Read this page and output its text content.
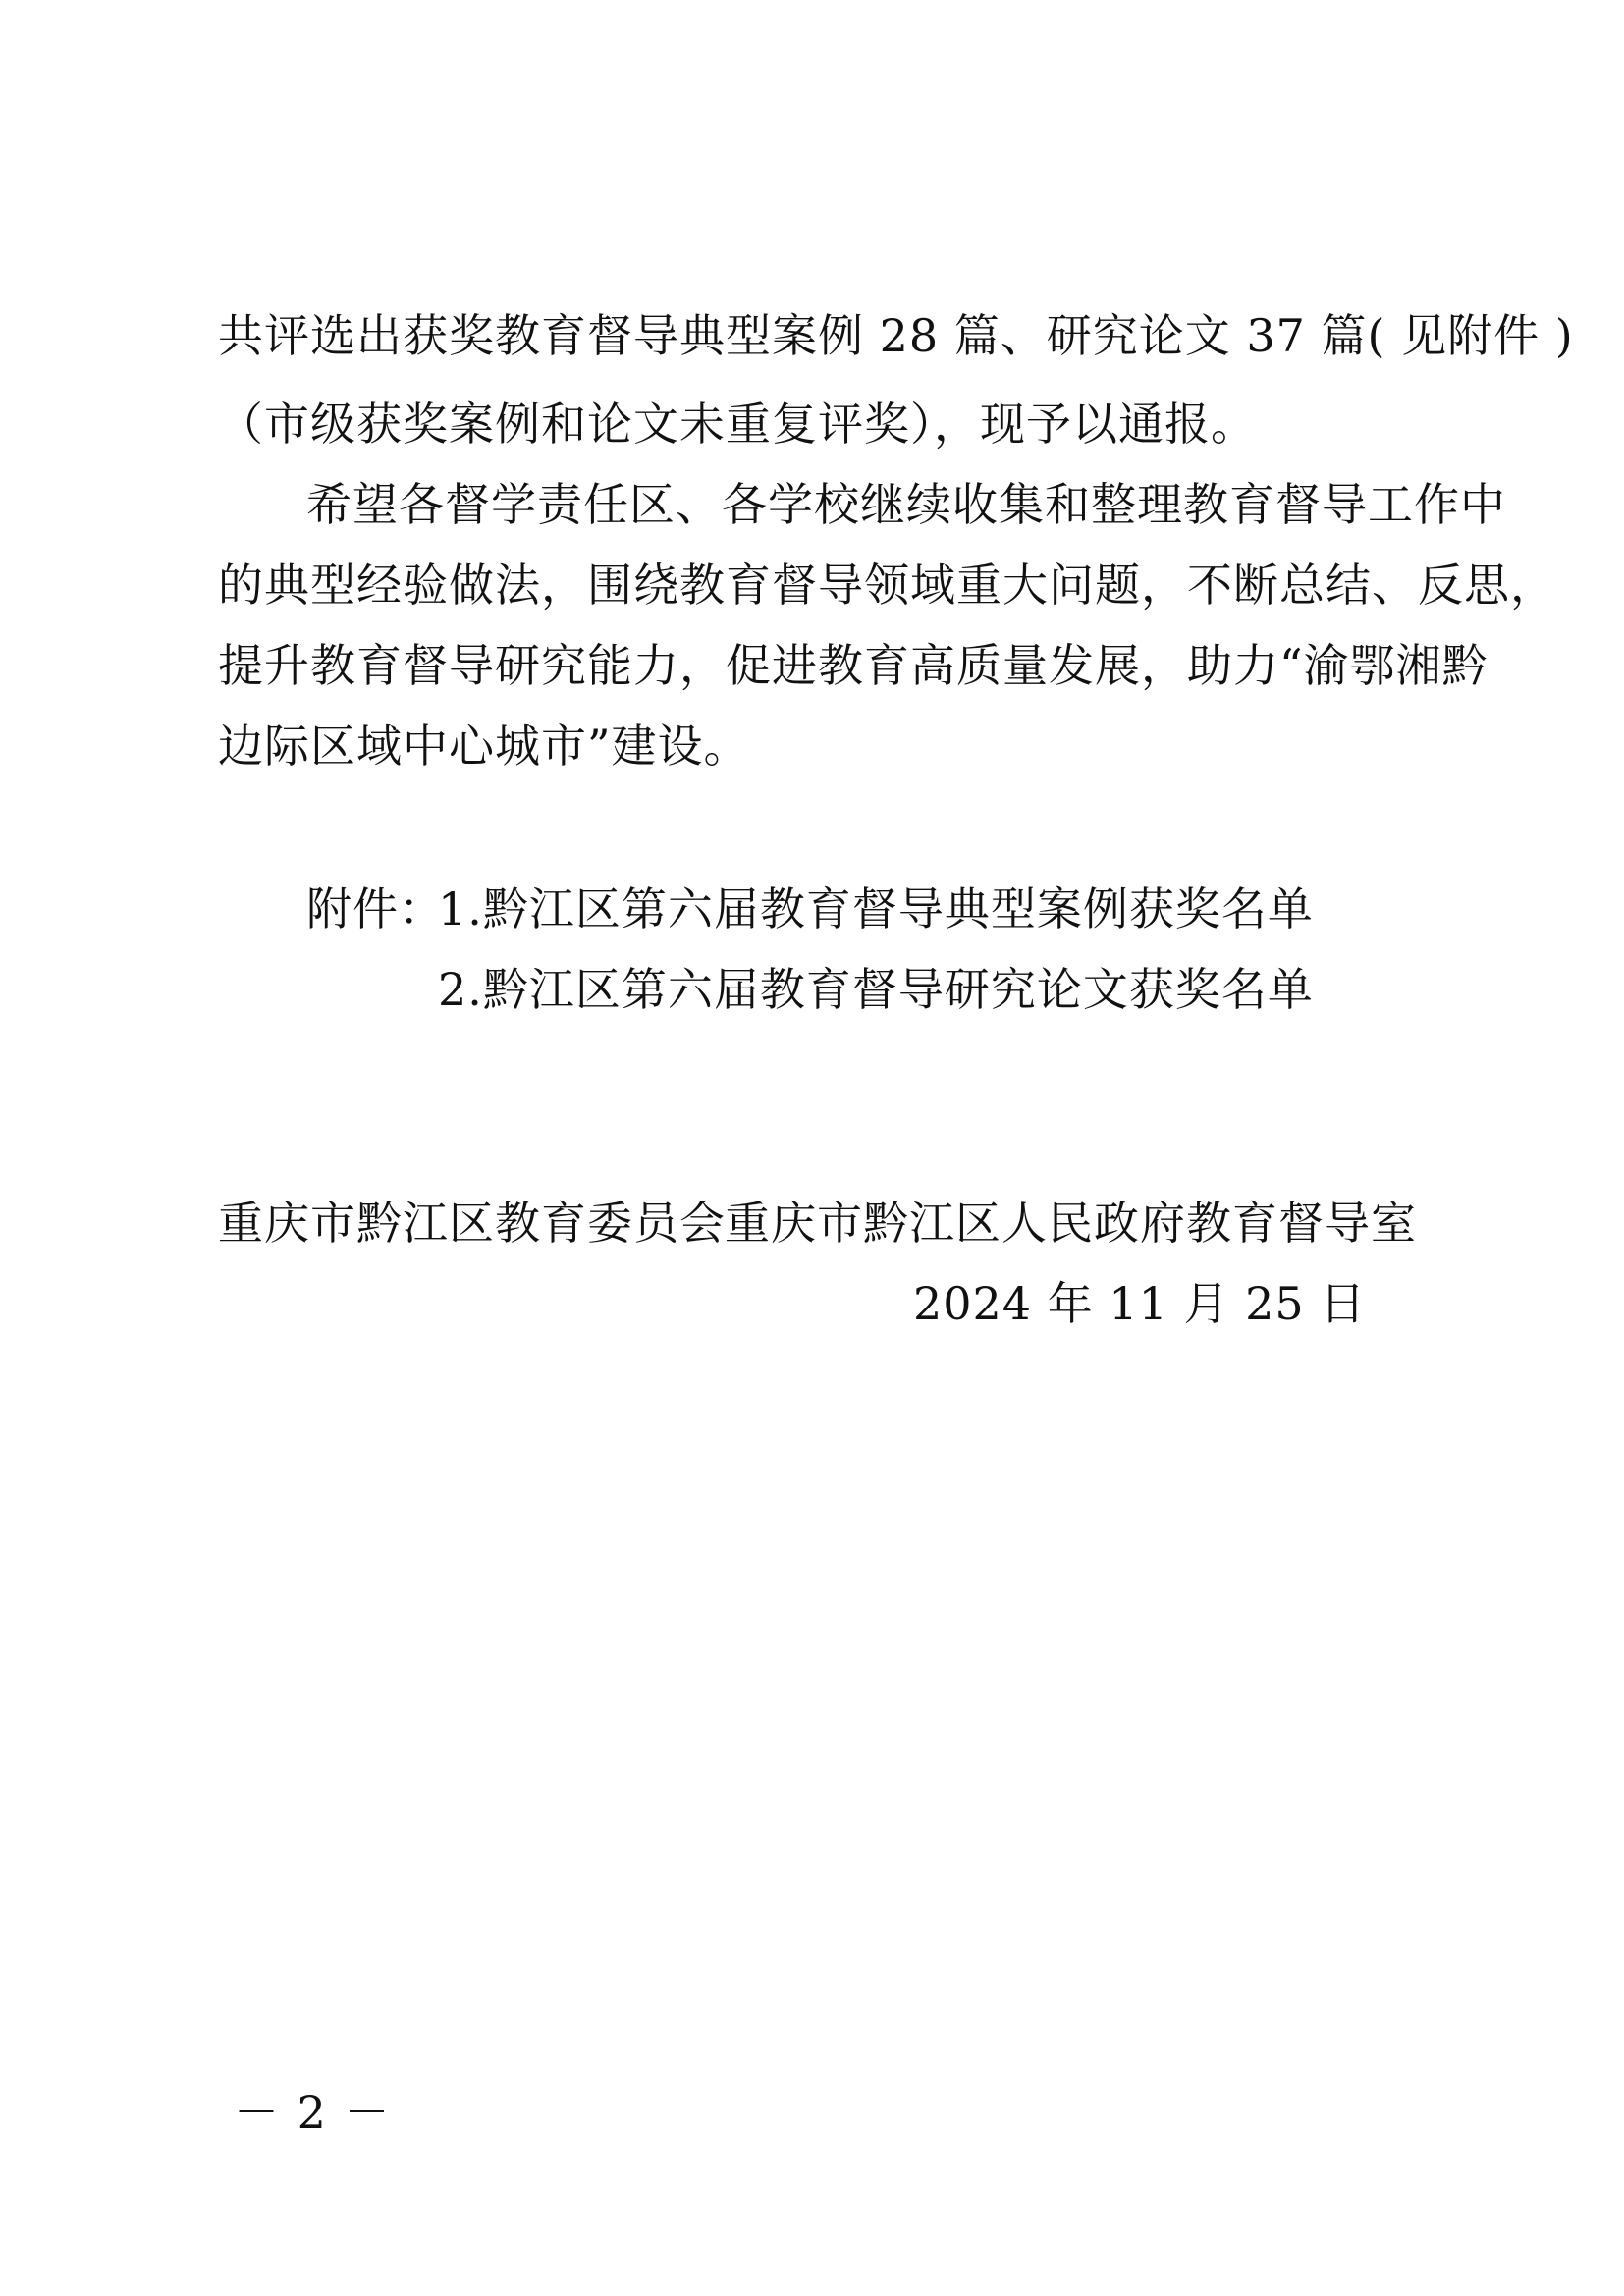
共评选出获奖教育督导典型案例 28 篇、研究论文 37 篇( 见附件 )
（市级获奖案例和论文未重复评奖），现予以通报。
希望各督学责任区、各学校继续收集和整理教育督导工作中
的典型经验做法，围绕教育督导领域重大问题，不断总结、反思，
提升教育督导研究能力，促进教育高质量发展，助力“渝鄂湘黔
边际区域中心城市”建设。
附件：
1.黔江区第六届教育督导典型案例获奖名单
2.黔江区第六届教育督导研究论文获奖名单
重庆市黔江区教育委员会 重庆市黔江区人民政府教育督导室
2024 年 11 月 25 日
－ 2 －
